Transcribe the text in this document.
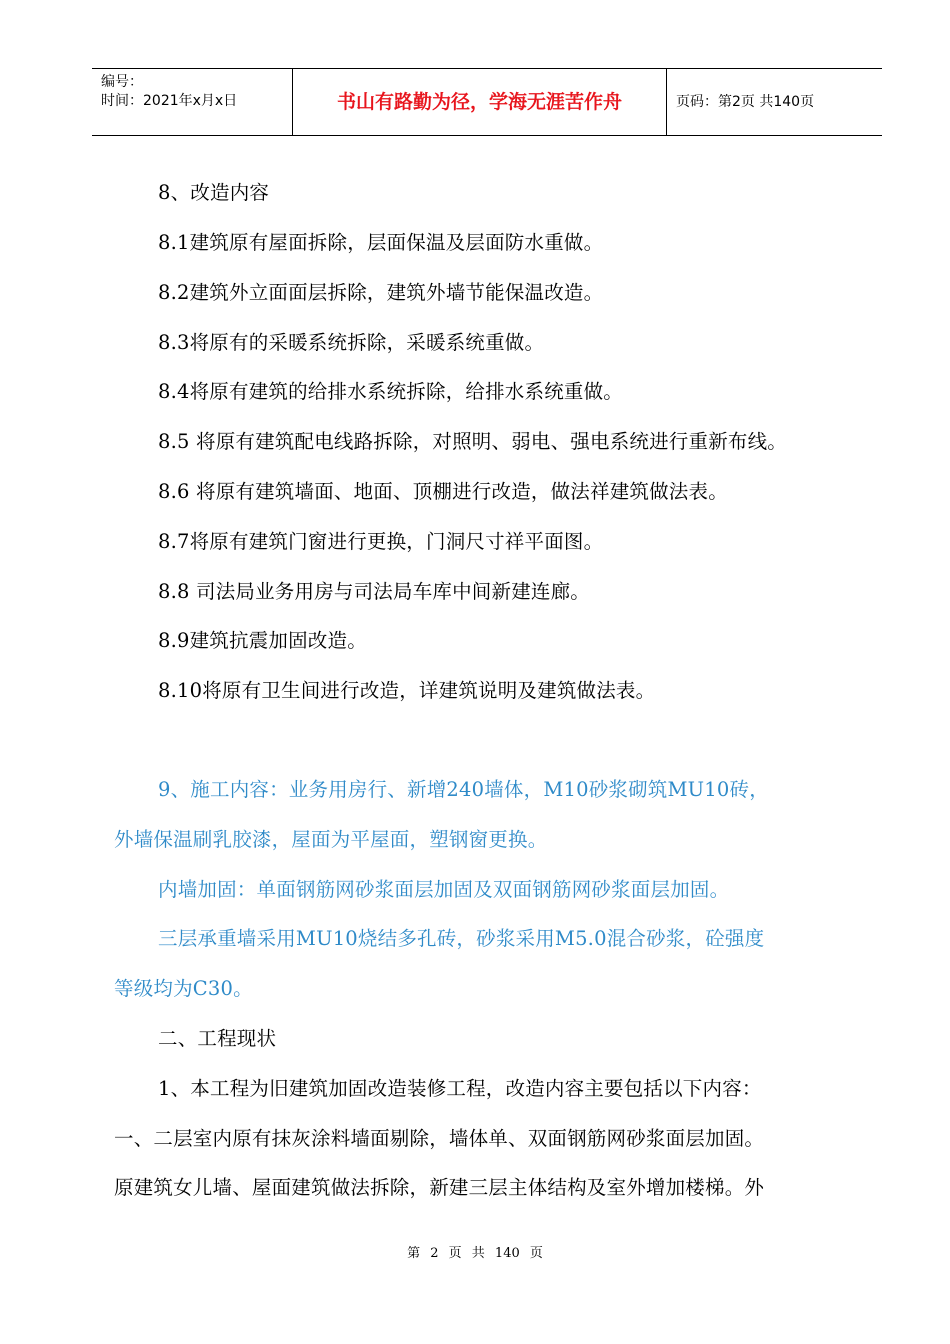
编号：
时间：2021年x月x日	书山有路勤为径，学海无涯苦作舟	页码：第2页 共140页
8、改造内容
8.1建筑原有屋面拆除，层面保温及层面防水重做。
8.2建筑外立面面层拆除，建筑外墙节能保温改造。
8.3将原有的采暖系统拆除，采暖系统重做。
8.4将原有建筑的给排水系统拆除，给排水系统重做。
8.5 将原有建筑配电线路拆除，对照明、弱电、强电系统进行重新布线。
8.6 将原有建筑墙面、地面、顶棚进行改造，做法祥建筑做法表。
8.7将原有建筑门窗进行更换，门洞尺寸祥平面图。
8.8 司法局业务用房与司法局车库中间新建连廊。
8.9建筑抗震加固改造。
8.10将原有卫生间进行改造，详建筑说明及建筑做法表。
9、施工内容：业务用房行、新增240墙体，M10砂浆砌筑MU10砖，
外墙保温刷乳胶漆，屋面为平屋面，塑钢窗更换。
内墙加固：单面钢筋网砂浆面层加固及双面钢筋网砂浆面层加固。
三层承重墙采用MU10烧结多孔砖，砂浆采用M5.0混合砂浆，砼强度
等级均为C30。
二、工程现状
1、本工程为旧建筑加固改造装修工程，改造内容主要包括以下内容：
一、二层室内原有抹灰涂料墙面剔除，墙体单、双面钢筋网砂浆面层加固。
原建筑女儿墙、屋面建筑做法拆除，新建三层主体结构及室外增加楼梯。外
第 2 页 共 140 页
